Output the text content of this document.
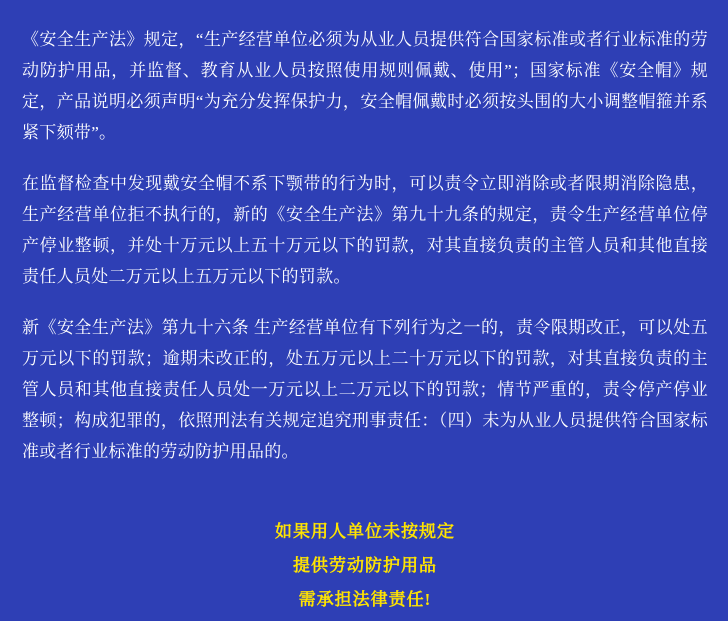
《安全生产法》规定，“生产经营单位必须为从业人员提供符合国家标准或者行业标准的劳动防护用品，并监督、教育从业人员按照使用规则佩戴、使用”；国家标准《安全帽》规定，产品说明必须声明“为充分发挥保护力，安全帽佩戴时必须按头围的大小调整帽箍并系紧下颏带”。

在监督检查中发现戴安全帽不系下颚带的行为时，可以责令立即消除或者限期消除隐患，生产经营单位拒不执行的，新的《安全生产法》第九十九条的规定，责令生产经营单位停产停业整顿，并处十万元以上五十万元以下的罚款，对其直接负责的主管人员和其他直接责任人员处二万元以上五万元以下的罚款。

新《安全生产法》第九十六条 生产经营单位有下列行为之一的，责令限期改正，可以处五万元以下的罚款；逾期未改正的，处五万元以上二十万元以下的罚款，对其直接负责的主管人员和其他直接责任人员处一万元以上二万元以下的罚款；情节严重的，责令停产停业整顿；构成犯罪的，依照刑法有关规定追究刑事责任：（四）未为从业人员提供符合国家标准或者行业标准的劳动防护用品的。

如果用人单位未按规定
提供劳动防护用品
需承担法律责任!
